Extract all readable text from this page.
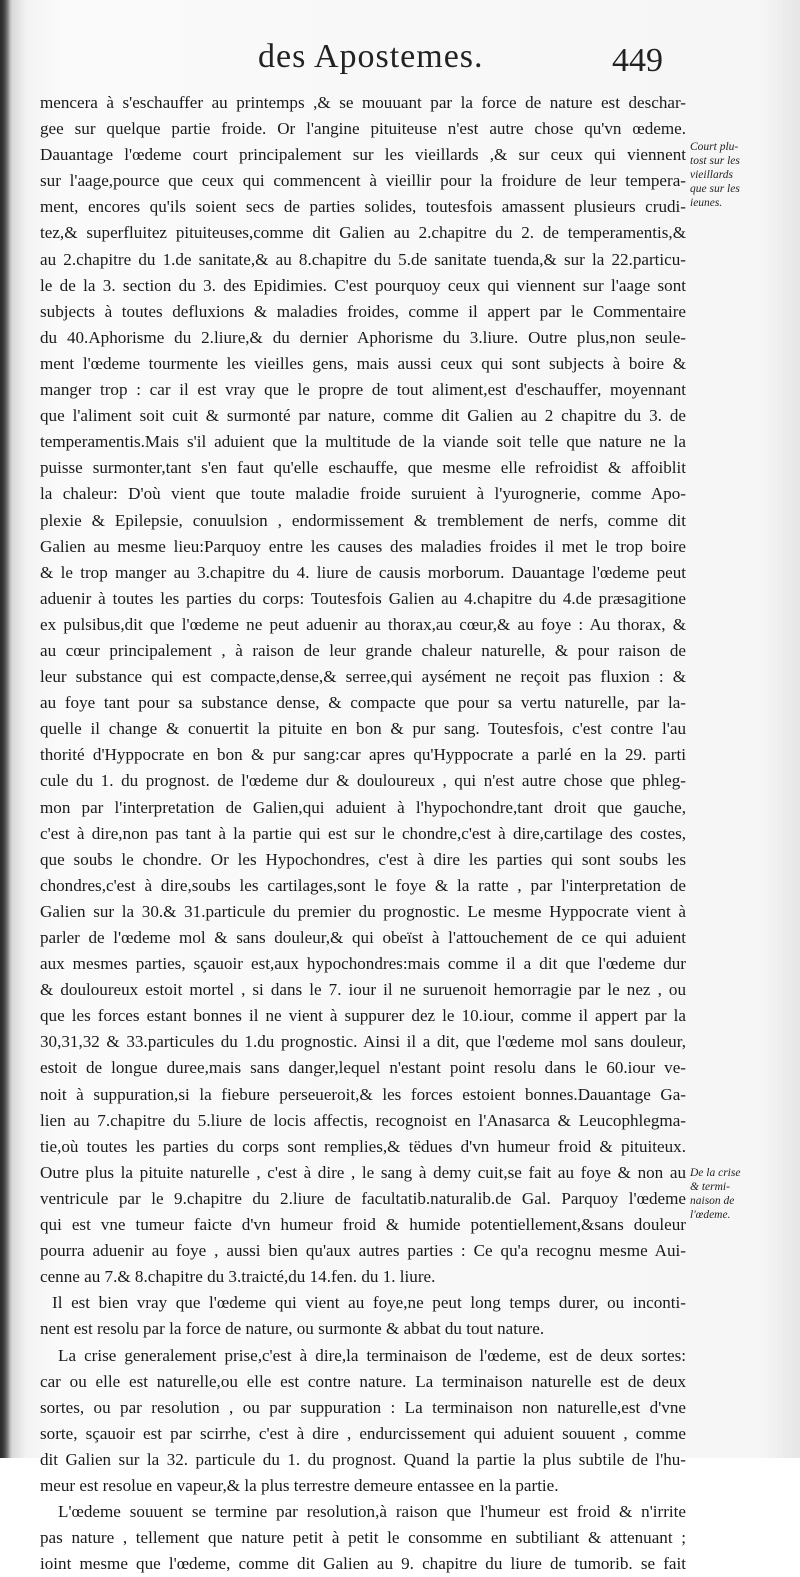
des Apostemes.	449
mencera à s'eschauffer au printemps ,& se mouuant par la force de nature est deschar-
gee sur quelque partie froide. Or l'angine pituiteuse n'est autre chose qu'vn œdeme.
Dauantage l'œdeme court principalement sur les vieillards ,& sur ceux qui viennent
sur l'aage,pource que ceux qui commencent à vieillir pour la froidure de leur tempera-
ment, encores qu'ils soient secs de parties solides, toutesfois amassent plusieurs crudi-
tez,& superfluitez pituiteuses,comme dit Galien au 2.chapitre du 2. de temperamentis,&
au 2.chapitre du 1.de sanitate,& au 8.chapitre du 5.de sanitate tuenda,& sur la 22.particu-
le de la 3. section du 3. des Epidimies. C'est pourquoy ceux qui viennent sur l'aage sont
subjects à toutes defluxions & maladies froides, comme il appert par le Commentaire
du 40.Aphorisme du 2.liure,& du dernier Aphorisme du 3.liure. Outre plus,non seule-
ment l'œdeme tourmente les vieilles gens, mais aussi ceux qui sont subjects à boire &
manger trop : car il est vray que le propre de tout aliment,est d'eschauffer, moyennant
que l'aliment soit cuit & surmonté par nature, comme dit Galien au 2 chapitre du 3. de
temperamentis.Mais s'il aduient que la multitude de la viande soit telle que nature ne la
puisse surmonter,tant s'en faut qu'elle eschauffe, que mesme elle refroidist & affoiblit
la chaleur: D'où vient que toute maladie froide suruient à l'yurognerie, comme Apo-
plexie & Epilepsie, conuulsion , endormissement & tremblement de nerfs, comme dit
Galien au mesme lieu:Parquoy entre les causes des maladies froides il met le trop boire
& le trop manger au 3.chapitre du 4. liure de causis morborum. Dauantage l'œdeme peut
aduenir à toutes les parties du corps: Toutesfois Galien au 4.chapitre du 4.de præsagitione
ex pulsibus,dit que l'œdeme ne peut aduenir au thorax,au cœur,& au foye : Au thorax, &
au cœur principalement , à raison de leur grande chaleur naturelle, & pour raison de
leur substance qui est compacte,dense,& serree,qui aysément ne reçoit pas fluxion : &
au foye tant pour sa substance dense, & compacte que pour sa vertu naturelle, par la-
quelle il change & conuertit la pituite en bon & pur sang. Toutesfois, c'est contre l'au
thorité d'Hyppocrate en bon & pur sang:car apres qu'Hyppocrate a parlé en la 29. parti
cule du 1. du prognost. de l'œdeme dur & douloureux , qui n'est autre chose que phleg-
mon par l'interpretation de Galien,qui aduient à l'hypochondre,tant droit que gauche,
c'est à dire,non pas tant à la partie qui est sur le chondre,c'est à dire,cartilage des costes,
que soubs le chondre. Or les Hypochondres, c'est à dire les parties qui sont soubs les
chondres,c'est à dire,soubs les cartilages,sont le foye & la ratte , par l'interpretation de
Galien sur la 30.& 31.particule du premier du prognostic. Le mesme Hyppocrate vient à
parler de l'œdeme mol & sans douleur,& qui obeïst à l'attouchement de ce qui aduient
aux mesmes parties, sçauoir est,aux hypochondres:mais comme il a dit que l'œdeme dur
& douloureux estoit mortel , si dans le 7. iour il ne suruenoit hemorragie par le nez , ou
que les forces estant bonnes il ne vient à suppurer dez le 10.iour, comme il appert par la
30,31,32 & 33.particules du 1.du prognostic. Ainsi il a dit, que l'œdeme mol sans douleur,
estoit de longue duree,mais sans danger,lequel n'estant point resolu dans le 60.iour ve-
noit à suppuration,si la fiebure perseueroit,& les forces estoient bonnes.Dauantage Ga-
lien au 7.chapitre du 5.liure de locis affectis, recognoist en l'Anasarca & Leucophlegma-
tie,où toutes les parties du corps sont remplies,& tëdues d'vn humeur froid & pituiteux.
Outre plus la pituite naturelle , c'est à dire , le sang à demy cuit,se fait au foye & non au
ventricule par le 9.chapitre du 2.liure de facultatib.naturalib.de Gal. Parquoy l'œdeme
qui est vne tumeur faicte d'vn humeur froid & humide potentiellement,&sans douleur
pourra aduenir au foye , aussi bien qu'aux autres parties : Ce qu'a recognu mesme Aui-
cenne au 7.& 8.chapitre du 3.traicté,du 14.fen. du 1. liure.
Il est bien vray que l'œdeme qui vient au foye,ne peut long temps durer, ou inconti-
nent est resolu par la force de nature, ou surmonte & abbat du tout nature.
La crise generalement prise,c'est à dire,la terminaison de l'œdeme, est de deux sortes:
car ou elle est naturelle,ou elle est contre nature. La terminaison naturelle est de deux
sortes, ou par resolution , ou par suppuration : La terminaison non naturelle,est d'vne
sorte, sçauoir est par scirrhe, c'est à dire , endurcissement qui aduient souuent , comme
dit Galien sur la 32. particule du 1. du prognost. Quand la partie la plus subtile de l'hu-
meur est resolue en vapeur,& la plus terrestre demeure entassee en la partie.
L'œdeme souuent se termine par resolution,à raison que l'humeur est froid & n'irrite
pas nature , tellement que nature petit à petit le consomme en subtiliant & attenuant ;
ioint mesme que l'œdeme, comme dit Galien au 9. chapitre du liure de tumorib. se fait
Court plu-
tost sur les
vieillards
que sur les
ieunes.
De la crise
& termi-
naison de
l'œdeme.
